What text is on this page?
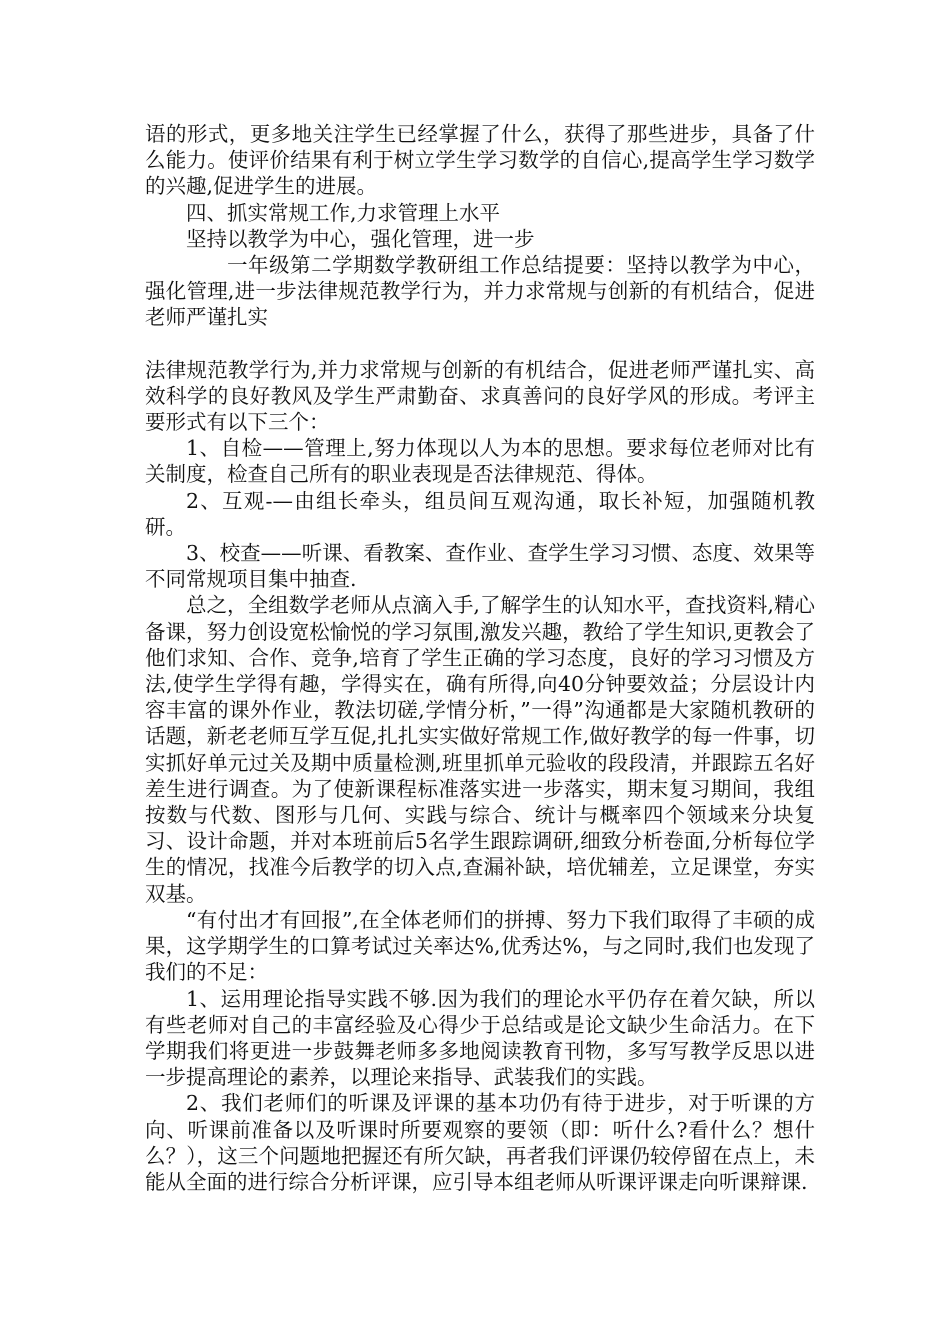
语的形式，更多地关注学生已经掌握了什么，获得了那些进步，具备了什么能力。使评价结果有利于树立学生学习数学的自信心,提高学生学习数学的兴趣,促进学生的进展。

四、抓实常规工作,力求管理上水平

坚持以教学为中心，强化管理，进一步

一年级第二学期数学教研组工作总结提要：坚持以教学为中心，强化管理,进一步法律规范教学行为，并力求常规与创新的有机结合，促进老师严谨扎实

法律规范教学行为,并力求常规与创新的有机结合，促进老师严谨扎实、高效科学的良好教风及学生严肃勤奋、求真善问的良好学风的形成。考评主要形式有以下三个：

1、自检——管理上,努力体现以人为本的思想。要求每位老师对比有关制度，检查自己所有的职业表现是否法律规范、得体。

2、互观-—由组长牵头，组员间互观沟通，取长补短，加强随机教研。

3、校查——听课、看教案、查作业、查学生学习习惯、态度、效果等不同常规项目集中抽查.

总之，全组数学老师从点滴入手,了解学生的认知水平，查找资料,精心备课，努力创设宽松愉悦的学习氛围,激发兴趣，教给了学生知识,更教会了他们求知、合作、竞争,培育了学生正确的学习态度，良好的学习习惯及方法,使学生学得有趣，学得实在，确有所得,向40分钟要效益；分层设计内容丰富的课外作业，教法切磋,学情分析，”一得”沟通都是大家随机教研的话题，新老老师互学互促,扎扎实实做好常规工作,做好教学的每一件事，切实抓好单元过关及期中质量检测,班里抓单元验收的段段清，并跟踪五名好差生进行调查。为了使新课程标准落实进一步落实，期末复习期间，我组按数与代数、图形与几何、实践与综合、统计与概率四个领域来分块复习、设计命题，并对本班前后5名学生跟踪调研,细致分析卷面,分析每位学生的情况，找准今后教学的切入点,查漏补缺，培优辅差，立足课堂，夯实双基。

“有付出才有回报”,在全体老师们的拼搏、努力下我们取得了丰硕的成果，这学期学生的口算考试过关率达%,优秀达%，与之同时,我们也发现了我们的不足：

1、运用理论指导实践不够.因为我们的理论水平仍存在着欠缺，所以有些老师对自己的丰富经验及心得少于总结或是论文缺少生命活力。在下学期我们将更进一步鼓舞老师多多地阅读教育刊物，多写写教学反思以进一步提高理论的素养，以理论来指导、武装我们的实践。

2、我们老师们的听课及评课的基本功仍有待于进步，对于听课的方向、听课前准备以及听课时所要观察的要领（即：听什么?看什么？想什么？），这三个问题地把握还有所欠缺，再者我们评课仍较停留在点上，未能从全面的进行综合分析评课，应引导本组老师从听课评课走向听课辩课.
